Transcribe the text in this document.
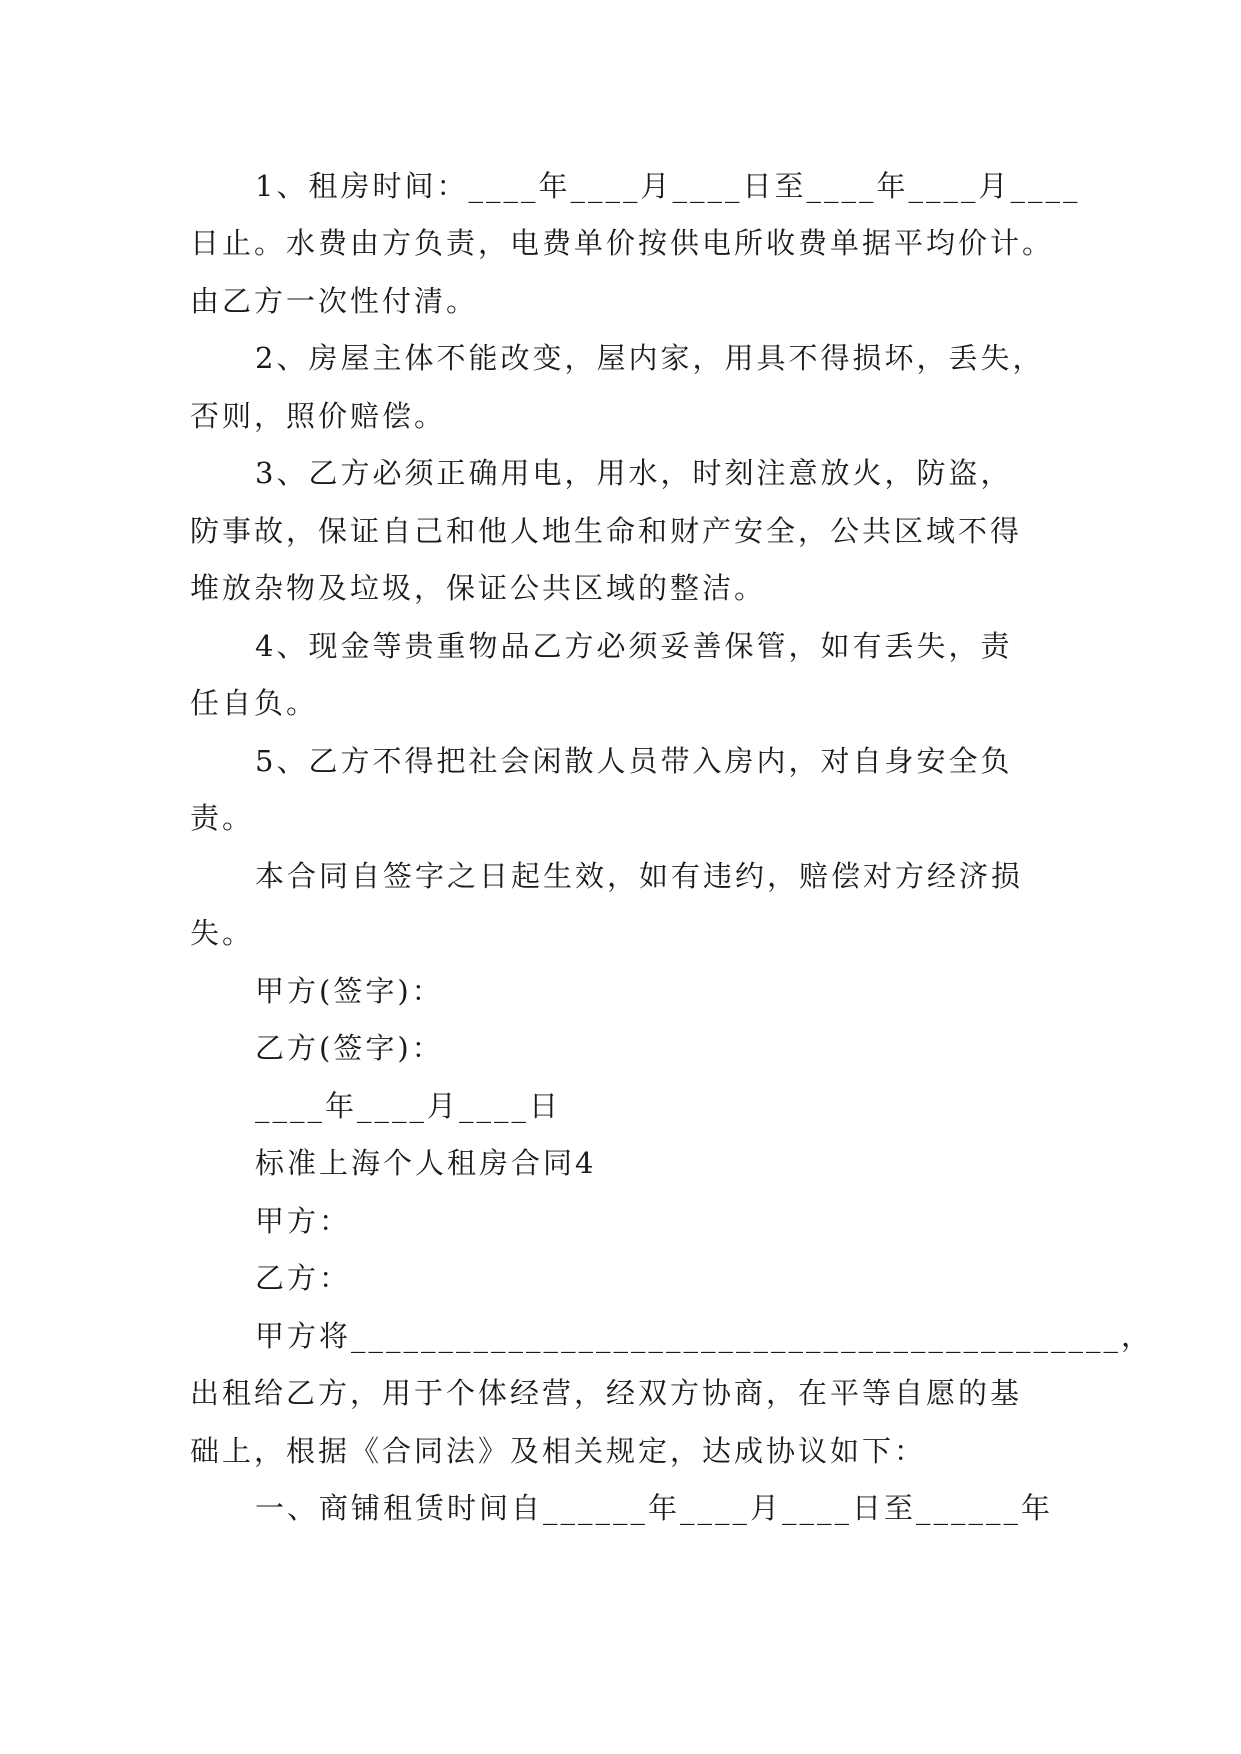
1、租房时间：____年____月____日至____年____月____
日止。水费由方负责，电费单价按供电所收费单据平均价计。
由乙方一次性付清。
2、房屋主体不能改变，屋内家，用具不得损坏，丢失，
否则，照价赔偿。
3、乙方必须正确用电，用水，时刻注意放火，防盗，
防事故，保证自己和他人地生命和财产安全，公共区域不得
堆放杂物及垃圾，保证公共区域的整洁。
4、现金等贵重物品乙方必须妥善保管，如有丢失，责
任自负。
5、乙方不得把社会闲散人员带入房内，对自身安全负
责。
本合同自签字之日起生效，如有违约，赔偿对方经济损
失。
甲方(签字)：
乙方(签字)：
____年____月____日
标准上海个人租房合同4
甲方：
乙方：
甲方将____________________________________________，
出租给乙方，用于个体经营，经双方协商，在平等自愿的基
础上，根据《合同法》及相关规定，达成协议如下：
一、商铺租赁时间自______年____月____日至______年
